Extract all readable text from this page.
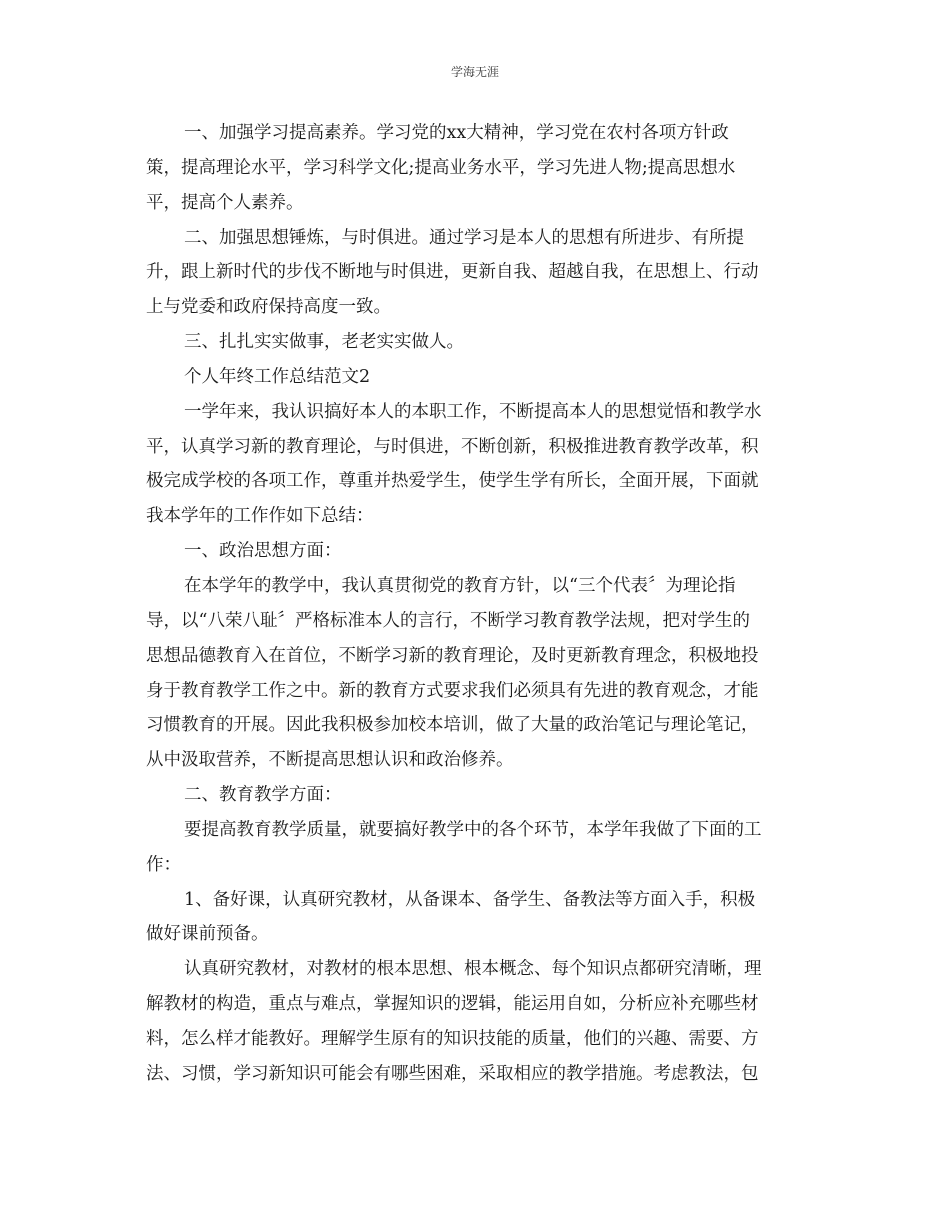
学海无涯
一、加强学习提高素养。学习党的xx大精神，学习党在农村各项方针政
策，提高理论水平，学习科学文化;提高业务水平，学习先进人物;提高思想水
平，提高个人素养。
二、加强思想锤炼，与时俱进。通过学习是本人的思想有所进步、有所提
升，跟上新时代的步伐不断地与时俱进，更新自我、超越自我，在思想上、行动
上与党委和政府保持高度一致。
三、扎扎实实做事，老老实实做人。
个人年终工作总结范文2
一学年来，我认识搞好本人的本职工作，不断提高本人的思想觉悟和教学水
平，认真学习新的教育理论，与时俱进，不断创新，积极推进教育教学改革，积
极完成学校的各项工作，尊重并热爱学生，使学生学有所长，全面开展，下面就
我本学年的工作作如下总结：
一、政治思想方面：
在本学年的教学中，我认真贯彻党的教育方针，以“三个代表〞为理论指
导，以“八荣八耻〞严格标准本人的言行，不断学习教育教学法规，把对学生的
思想品德教育入在首位，不断学习新的教育理论，及时更新教育理念，积极地投
身于教育教学工作之中。新的教育方式要求我们必须具有先进的教育观念，才能
习惯教育的开展。因此我积极参加校本培训，做了大量的政治笔记与理论笔记，
从中汲取营养，不断提高思想认识和政治修养。
二、教育教学方面：
要提高教育教学质量，就要搞好教学中的各个环节，本学年我做了下面的工
作：
1、备好课，认真研究教材，从备课本、备学生、备教法等方面入手，积极
做好课前预备。
认真研究教材，对教材的根本思想、根本概念、每个知识点都研究清晰，理
解教材的构造，重点与难点，掌握知识的逻辑，能运用自如，分析应补充哪些材
料，怎么样才能教好。理解学生原有的知识技能的质量，他们的兴趣、需要、方
法、习惯，学习新知识可能会有哪些困难，采取相应的教学措施。考虑教法，包
